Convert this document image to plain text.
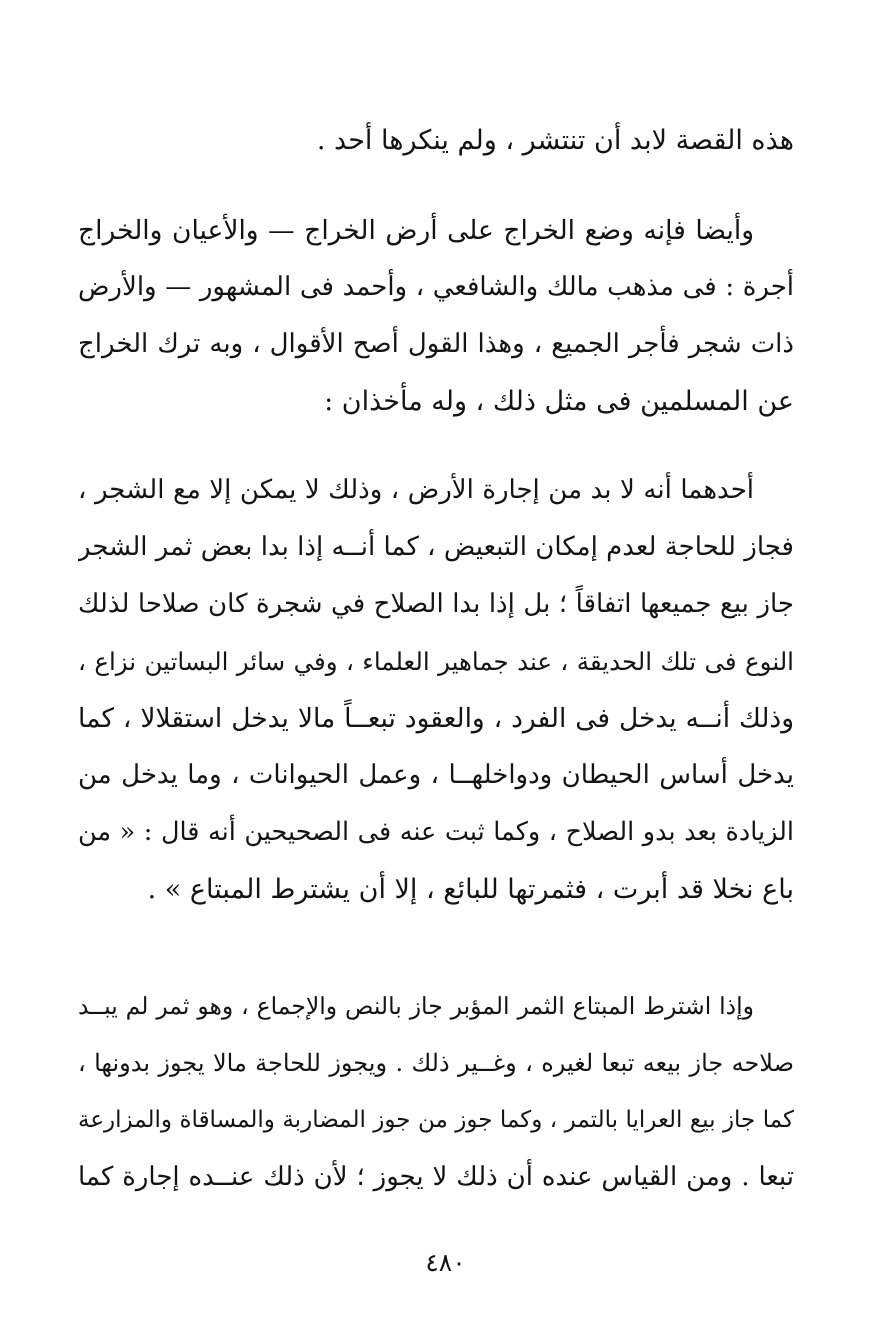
هذه القصة لابد أن تنتشر ، ولم ينكرها أحد .
وأيضا فإنه وضع الخراج على أرض الخراج — والأعيان والخراج
أجرة : فى مذهب مالك والشافعي ، وأحمد فى المشهور — والأرض
ذات شجر فأجر الجميع ، وهذا القول أصح الأقوال ، وبه ترك الخراج
عن المسلمين فى مثل ذلك ، وله مأخذان :
أحدهما أنه لا بد من إجارة الأرض ، وذلك لا يمكن إلا مع الشجر ،
فجاز للحاجة لعدم إمكان التبعيض ، كما أنــه إذا بدا بعض ثمر الشجر
جاز بيع جميعها اتفاقاً ؛ بل إذا بدا الصلاح في شجرة كان صلاحا لذلك
النوع فى تلك الحديقة ، عند جماهير العلماء ، وفي سائر البساتين نزاع ،
وذلك أنــه يدخل فى الفرد ، والعقود تبعــاً مالا يدخل استقلالا ، كما
يدخل أساس الحيطان ودواخلهــا ، وعمل الحيوانات ، وما يدخل من
الزيادة بعد بدو الصلاح ، وكما ثبت عنه فى الصحيحين أنه قال : « من
باع نخلا قد أبرت ، فثمرتها للبائع ، إلا أن يشترط المبتاع » .
وإذا اشترط المبتاع الثمر المؤبر جاز بالنص والإجماع ، وهو ثمر لم يبــد
صلاحه جاز بيعه تبعا لغيره ، وغــير ذلك . ويجوز للحاجة مالا يجوز بدونها ،
كما جاز بيع العرايا بالتمر ، وكما جوز من جوز المضاربة والمساقاة والمزارعة
تبعا . ومن القياس عنده أن ذلك لا يجوز ؛ لأن ذلك عنــده إجارة كما
٤٨٠
